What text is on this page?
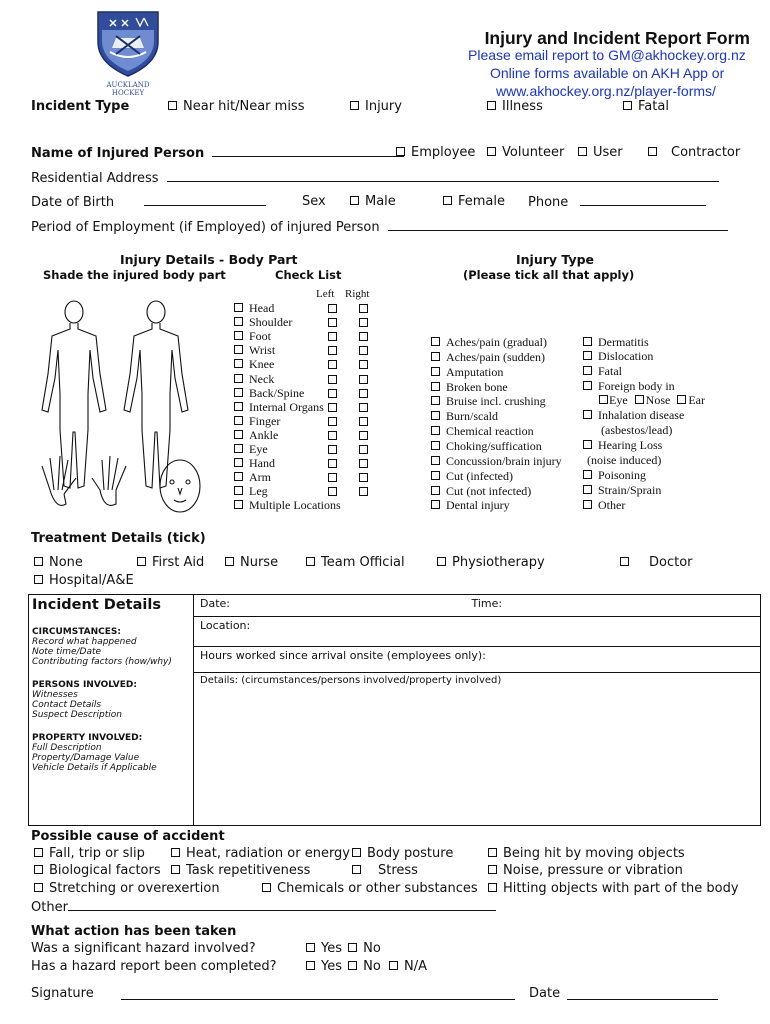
AUCKLAND
HOCKEY
Injury and Incident Report Form
Please email report to GM@akhockey.org.nz
Online forms available on AKH App or
www.akhockey.org.nz/player-forms/
Incident Type	Near hit/Near miss	Injury	Illness	Fatal
Name of Injured Person	Employee	Volunteer	User	Contractor
Residential Address
Date of Birth	Sex	Male	Female Phone
Period of Employment (if Employed) of injured Person
Injury Details - Body Part
Shade the injured body part	Check List
Injury Type
(Please tick all that apply)
Left Right
Head
Shoulder
Foot
Wrist
Knee
Neck
Back/Spine
Internal Organs
Finger
Ankle
Eye
Hand
Arm
Leg
Multiple Locations
Aches/pain (gradual)
Aches/pain (sudden)
Amputation
Broken bone
Bruise incl. crushing
Burn/scald
Chemical reaction
Choking/suffication
Concussion/brain injury
Cut (infected)
Cut (not infected)
Dental injury
Dermatitis
Dislocation
Fatal
Foreign body in
Eye Nose Ear
Inhalation disease
(asbestos/lead)
Hearing Loss
(noise induced)
Poisoning
Strain/Sprain
Other
Treatment Details (tick)
None	First Aid	Nurse	Team Official	Physiotherapy	Doctor
Hospital/A&E
Incident Details
CIRCUMSTANCES:
Record what happened
Note time/Date
Contributing factors (how/why)
PERSONS INVOLVED:
Witnesses
Contact Details
Suspect Description
PROPERTY INVOLVED:
Full Description
Property/Damage Value
Vehicle Details if Applicable
	Date:	Time:

Location:
Hours worked since arrival onsite (employees only):
Details: (circumstances/persons involved/property involved)
Possible cause of accident
Fall, trip or slip	Heat, radiation or energy	Body posture	Being hit by moving objects
Biological factors	Task repetitiveness	Stress	Noise, pressure or vibration
Stretching or overexertion	Chemicals or other substances	Hitting objects with part of the body
Other
What action has been taken
Was a significant hazard involved?	Yes No
Has a hazard report been completed?	Yes No N/A
Signature	Date
